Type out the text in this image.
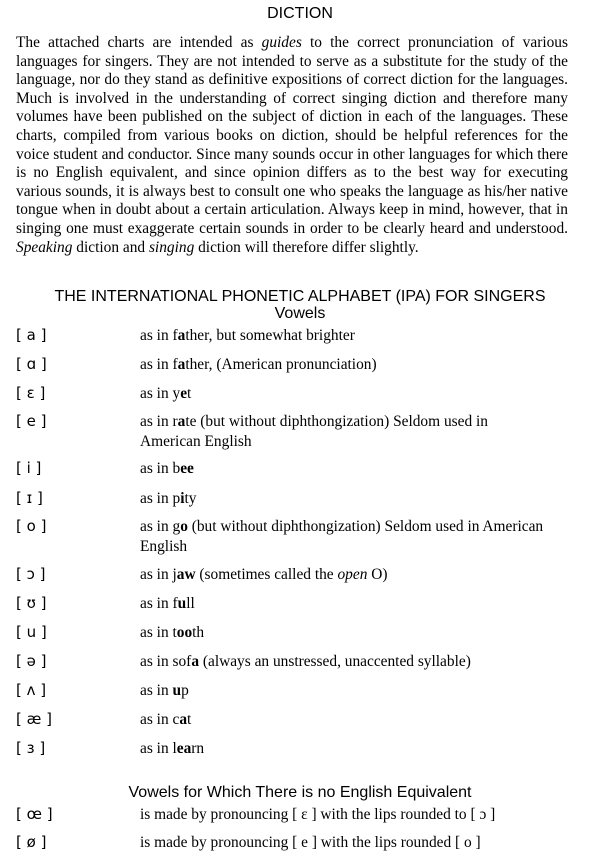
DICTION
The attached charts are intended as guides to the correct pronunciation of various languages for singers. They are not intended to serve as a substitute for the study of the language, nor do they stand as definitive expositions of correct diction for the languages. Much is involved in the understanding of correct singing diction and therefore many volumes have been published on the subject of diction in each of the languages. These charts, compiled from various books on diction, should be helpful references for the voice student and conductor. Since many sounds occur in other languages for which there is no English equivalent, and since opinion differs as to the best way for executing various sounds, it is always best to consult one who speaks the language as his/her native tongue when in doubt about a certain articulation. Always keep in mind, however, that in singing one must exaggerate certain sounds in order to be clearly heard and understood. Speaking diction and singing diction will therefore differ slightly.
THE INTERNATIONAL PHONETIC ALPHABET (IPA) FOR SINGERS
Vowels
[ a ]	as in father, but somewhat brighter
[ ɑ ]	as in father, (American pronunciation)
[ ɛ ]	as in yet
[ e ]	as in rate (but without diphthongization) Seldom used in American English
[ i ]	as in bee
[ ɪ ]	as in pity
[ o ]	as in go (but without diphthongization) Seldom used in American English
[ ɔ ]	as in jaw (sometimes called the open O)
[ ʊ ]	as in full
[ u ]	as in tooth
[ ə ]	as in sofa (always an unstressed, unaccented syllable)
[ ʌ ]	as in up
[ æ ]	as in cat
[ ɜ ]	as in learn
Vowels for Which There is no English Equivalent
[ œ ]	is made by pronouncing [ ɛ ] with the lips rounded to [ ɔ ]
[ ø ]	is made by pronouncing [ e ] with the lips rounded [ o ]
